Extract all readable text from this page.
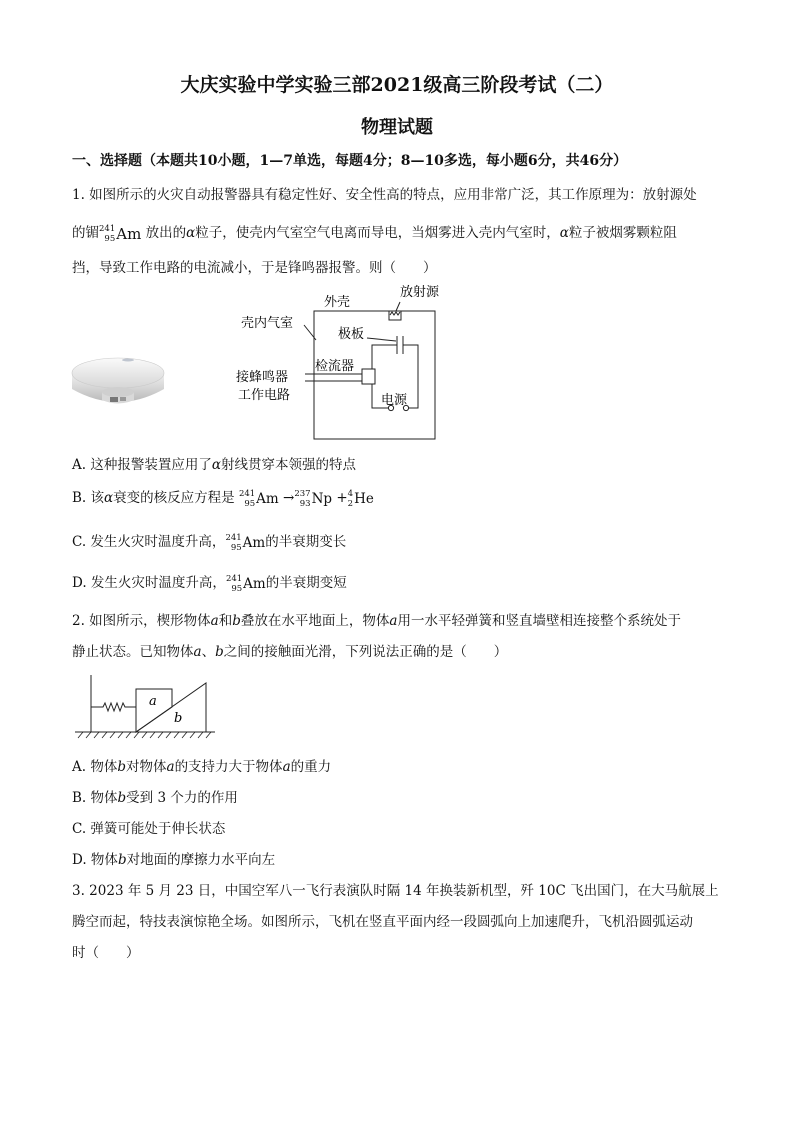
大庆实验中学实验三部2021级高三阶段考试（二）
物理试题
一、选择题（本题共10小题，1—7单选，每题4分；8—10多选，每小题6分，共46分）
1. 如图所示的火灾自动报警器具有稳定性好、安全性高的特点，应用非常广泛，其工作原理为：放射源处
的镅241
95Am 放出的α粒子，使壳内气室空气电离而导电，当烟雾进入壳内气室时，α粒子被烟雾颗粒阻
挡，导致工作电路的电流减小，于是锋鸣器报警。则（　　）
外壳
放射源
壳内气室
极板
检流器
接蜂鸣器
工作电路	电源
A. 这种报警装置应用了α射线贯穿本领强的特点
B. 该α衰变的核反应方程是 241
95Am →237
93Np +4
2He
C. 发生火灾时温度升高，241
95Am的半衰期变长
D. 发生火灾时温度升高，241
95Am的半衰期变短
2. 如图所示，楔形物体a和b叠放在水平地面上，物体a用一水平轻弹簧和竖直墙壁相连接整个系统处于
静止状态。已知物体a、b之间的接触面光滑，下列说法正确的是（　　）
a
b
A. 物体b对物体a的支持力大于物体a的重力
B. 物体b受到 3 个力的作用
C. 弹簧可能处于伸长状态
D. 物体b对地面的摩擦力水平向左
3. 2023 年 5 月 23 日，中国空军八一飞行表演队时隔 14 年换装新机型，歼 10C 飞出国门，在大马航展上
腾空而起，特技表演惊艳全场。如图所示，飞机在竖直平面内经一段圆弧向上加速爬升，飞机沿圆弧运动
时（　　）
